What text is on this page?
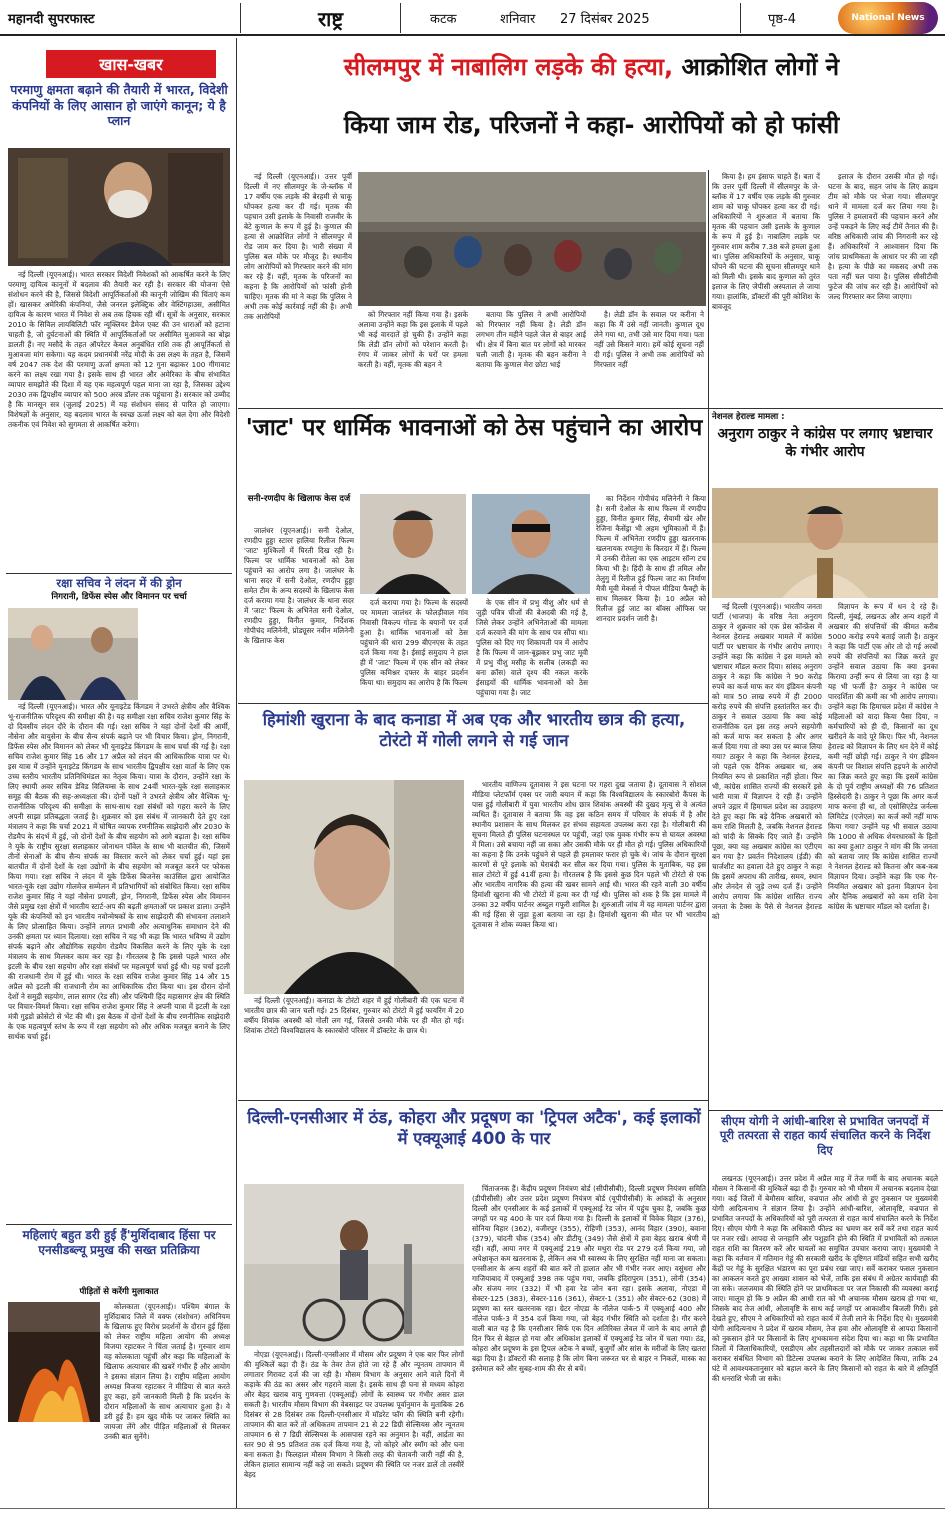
महानदी सुपरफास्ट	राष्ट्र	कटक	शनिवार 27 दिसंबर 2025	पृष्ठ-4	National News
खास-खबर
परमाणु क्षमता बढ़ाने की तैयारी में भारत, विदेशी कंपनियों के लिए आसान हो जाएंगे कानून; ये है प्लान

नई दिल्ली (यूएनआई)। भारत सरकार विदेशी निवेशकों को आकर्षित करने के लिए परमाणु दायित्व कानूनों में बदलाव की तैयारी कर रही है। सरकार की योजना ऐसे संशोधन करने की है, जिससे विदेशी आपूर्तिकर्ताओं की कानूनी जोखिम की चिंताएं कम हों। खासकर अमेरिकी कंपनियां, जैसे जनरल इलेक्ट्रिक और वेस्टिंगहाउस, असीमित दायित्व के कारण भारत में निवेश से अब तक हिचक रही थीं। सूत्रों के अनुसार, सरकार 2010 के सिविल लायबिलिटी फॉर न्यूक्लियर डैमेज एक्ट की उन धाराओं को हटाना चाहती है, जो दुर्घटनाओं की स्थिति में आपूर्तिकर्ताओं पर असीमित मुआवजे का बोझ डालती हैं। नए मसौदे के तहत ऑपरेटर केवल अनुबंधित राशि तक ही आपूर्तिकर्ता से मुआवजा मांग सकेगा। यह कदम प्रधानमंत्री नरेंद्र मोदी के उस लक्ष्य के तहत है, जिसमें वर्ष 2047 तक देश की परमाणु ऊर्जा क्षमता को 12 गुना बढ़ाकर 100 गीगावाट करने का लक्ष्य रखा गया है। इसके साथ ही भारत और अमेरिका के बीच संभावित व्यापार समझौते की दिशा में यह एक महत्वपूर्ण पहल माना जा रहा है, जिसका उद्देश्य 2030 तक द्विपक्षीय व्यापार को 500 अरब डॉलर तक पहुंचाना है। सरकार को उम्मीद है कि मानसून सत्र (जुलाई 2025) में यह संशोधन संसद से पारित हो जाएगा। विशेषज्ञों के अनुसार, यह बदलाव भारत के स्वच्छ ऊर्जा लक्ष्य को बल देगा और विदेशी तकनीक एवं निवेश को सुगमता से आकर्षित करेगा।

रक्षा सचिव ने लंदन में की ड्रोन
निगरानी, डिफेंस स्पेस और विमानन पर चर्चा

नई दिल्ली (यूएनआई)। भारत और यूनाइटेड किंगडम ने उभरते क्षेत्रीय और वैश्विक भू-राजनीतिक परिदृश्य की समीक्षा की है। यह समीक्षा रक्षा सचिव राजेश कुमार सिंह के दो दिवसीय लंदन दौरे के दौरान की गई। रक्षा सचिव ने यहां दोनों देशों की आर्मी, नौसेना और वायुसेना के बीच सैन्य संपर्क बढ़ाने पर भी विचार किया। ड्रोन, निगरानी, डिफेंस स्पेस और विमानन को लेकर भी यूनाइटेड किंगडम के साथ चर्चा की गई है। रक्षा सचिव राजेश कुमार सिंह 16 और 17 अप्रैल को लंदन की आधिकारिक यात्रा पर थे। इस यात्रा में उन्होंने यूनाइटेड किंगडम के साथ भारतीय द्विपक्षीय रक्षा वार्ता के लिए एक उच्च स्तरीय भारतीय प्रतिनिधिमंडल का नेतृत्व किया। यात्रा के दौरान, उन्होंने रक्षा के लिए स्थायी अवर सचिव डेविड विलियम्स के साथ 24वीं भारत-यूके रक्षा सलाहकार समूह की बैठक की सह-अध्यक्षता की। दोनों पक्षों ने उभरते क्षेत्रीय और वैश्विक भू-राजनीतिक परिदृश्य की समीक्षा के साथ-साथ रक्षा संबंधों को गहरा करने के लिए अपनी साझा प्रतिबद्धता जताई है। शुक्रवार को इस संबंध में जानकारी देते हुए रक्षा मंत्रालय ने कहा कि चर्चा 2021 में घोषित व्यापक रणनीतिक साझेदारी और 2030 के रोडमैप के संदर्भ में हुई, जो दोनों देशों के बीच सहयोग को आगे बढ़ाता है। रक्षा सचिव ने यूके के राष्ट्रीय सुरक्षा सलाहकार जोनाथन पॉवेल के साथ भी बातचीत की, जिसमें तीनों सेनाओं के बीच सैन्य संपर्क का विस्तार करने को लेकर चर्चा हुई। यहां इस बातचीत में दोनों देशों के रक्षा उद्योगों के बीच सहयोग को मजबूत करने पर फोकस किया गया। रक्षा सचिव ने लंदन में यूके डिफेंस बिजनेस काउंसिल द्वारा आयोजित भारत-यूके रक्षा उद्योग गोलमेज सम्मेलन में प्रतिभागियों को संबोधित किया। रक्षा सचिव राजेश कुमार सिंह ने यहां नौसेना प्रणाली, ड्रोन, निगरानी, डिफेंस स्पेस और विमानन जैसे प्रमुख रक्षा क्षेत्रों में भारतीय स्टार्ट-अप की बढ़ती क्षमताओं पर प्रकाश डाला। उन्होंने यूके की कंपनियों को इन भारतीय नवोन्मेषकों के साथ साझेदारी की संभावना तलाशने के लिए प्रोत्साहित किया। उन्होंने लागत प्रभावी और अत्याधुनिक समाधान देने की उनकी क्षमता पर ध्यान दिलाया। रक्षा सचिव ने यह भी कहा कि भारत भविष्य में उद्योग संपर्क बढ़ाने और औद्योगिक सहयोग रोडमैप विकसित करने के लिए यूके के रक्षा मंत्रालय के साथ मिलकर काम कर रहा है। गौरतलब है कि इससे पहले भारत और इटली के बीच रक्षा सहयोग और रक्षा संबंधों पर महत्वपूर्ण चर्चा हुई थी। यह चर्चा इटली की राजधानी रोम में हुई थी। भारत के रक्षा सचिव राजेश कुमार सिंह 14 और 15 अप्रैल को इटली की राजधानी रोम का आधिकारिक दौरा किया था। इस दौरान दोनों देशों ने समुद्री सहयोग, लाल सागर (रेड सी) और पश्चिमी हिंद महासागर क्षेत्र की स्थिति पर विचार-विमर्श किया। रक्षा सचिव राजेश कुमार सिंह ने अपनी यात्रा में इटली के रक्षा मंत्री गुइडो क्रोसेटो से भेंट की थी। इस बैठक में दोनों देशों के बीच रणनीतिक साझेदारी के एक महत्वपूर्ण स्तंभ के रूप में रक्षा सहयोग को और अधिक मजबूत बनाने के लिए सार्थक चर्चा हुई।

महिलाएं बहुत डरी हुई हैं'मुर्शिदाबाद हिंसा पर एनसीडब्ल्यू प्रमुख की सख्त प्रतिक्रिया
पीड़ितों से करेंगी मुलाकात

कोलकाता (यूएनआई)। पश्चिम बंगाल के मुर्शिदाबाद जिले में वक्फ (संशोधन) अधिनियम के खिलाफ हुए विरोध प्रदर्शनों के दौरान हुई हिंसा को लेकर राष्ट्रीय महिला आयोग की अध्यक्ष विजया रहाटकर ने चिंता जताई है। गुरुवार शाम वह कोलकाता पहुंचीं और कहा कि महिलाओं के खिलाफ अत्याचार की खबरें गंभीर हैं और आयोग ने इसका संज्ञान लिया है। राष्ट्रीय महिला आयोग अध्यक्ष विजया रहाटकर ने मीडिया से बात करते हुए कहा, हमें जानकारी मिली है कि प्रदर्शन के दौरान महिलाओं के साथ अत्याचार हुआ है। वे डरी हुई हैं। हम खुद मौके पर जाकर स्थिति का जायजा लेंगे और पीड़ित महिलाओं से मिलकर उनकी बात सुनेंगे।

सीलमपुर में नाबालिग लड़के की हत्या, आक्रोशित लोगों ने
किया जाम रोड, परिजनों ने कहा- आरोपियों को हो फांसी

नई दिल्ली (यूएनआई)। उत्तर पूर्वी दिल्ली में नए सीलमपुर के जे-ब्लॉक में 17 वर्षीय एक लड़के की बेरहमी से चाकू घोंपकर हत्या कर दी गई। मृतक की पहचान उसी इलाके के निवासी राजवीर के बेटे कुणाल के रूप में हुई है। कुणाल की हत्या से आक्रोशित लोगों ने सीलमपुर में रोड जाम कर दिया है। भारी संख्या में पुलिस बल मौके पर मौजूद है। स्थानीय लोग आरोपियों को गिरफ्तार करने की मांग कर रहे हैं। वहीं, मृतक के परिजनों का कहना है कि आरोपियों को फांसी होनी चाहिए। मृतक की मां ने कहा कि पुलिस ने अभी तक कोई कार्रवाई नहीं की है। अभी तक आरोपियों	को गिरफ्तार नहीं किया गया है। इसके अलावा उन्होंने कहा कि इस इलाके में पहले भी कई वारदातें हो चुकी हैं। उन्होंने कहा कि लेडी डॉन लोगों को परेशान करती है। रंगप में जाकर लोगों के घरों पर हमला करती है। वहीं, मृतक की बहन ने

बताया कि पुलिस ने अभी आरोपियों को गिरफ्तार नहीं किया है। लेडी डॉन लगभग तीन महीने पहले जेल से बाहर आई थी। क्षेत्र में बिना बात पर लोगों को मारकर चली जाती है। मृतक की बहन करीना ने बताया कि कुणाल मेरा छोटा भाई

है। लेडी डॉन के सवाल पर करीना ने कहा कि मैं उसे नहीं जानती। कुणाल दूध लेने गया था, तभी उसे मार दिया गया। पता नहीं उसे किसने मारा। हमें कोई सूचना नहीं दी गई। पुलिस ने अभी तक आरोपियों को गिरफ्तार नहीं

किया है। हम इंसाफ चाहते हैं। बता दें कि उत्तर पूर्वी दिल्ली में सीलमपुर के जे-ब्लॉक में 17 वर्षीय एक लड़के की गुरुवार शाम को चाकू घोंपकर हत्या कर दी गई। अधिकारियों ने शुरुआत में बताया कि मृतक की पहचान उसी इलाके के कुणाल के रूप में हुई है। नाबालिग लड़के पर गुरुवार शाम करीब 7.38 बजे हमला हुआ था। पुलिस अधिकारियों के अनुसार, चाकू घोंपने की घटना की सूचना सीलमपुर थाने को मिली थी। इसके बाद कुणाल को तुरंत इलाज के लिए जेपीसी अस्पताल ले जाया गया। हालांकि, डॉक्टरों की पूरी कोशिश के बावजूद

इलाज के दौरान उसकी मौत हो गई। घटना के बाद, सहन जांच के लिए क्राइम टीम को मौके पर भेजा गया। सीलमपुर थाने में मामला दर्ज कर लिया गया है। पुलिस ने हमलावरों की पहचान करने और उन्हें पकड़ने के लिए कई टीमें तैनात की हैं। वरिष्ठ अधिकारी जांच की निगरानी कर रहे हैं। अधिकारियों ने आश्वासन दिया कि जांच प्राथमिकता के आधार पर की जा रही है। हत्या के पीछे का मकसद अभी तक पता नहीं चल पाया है। पुलिस सीसीटीवी फुटेज की जांच कर रही है। आरोपियों को जल्द गिरफ्तार कर लिया जाएगा।

'जाट' पर धार्मिक भावनाओं को ठेस पहुंचाने का आरोप
सनी-रणदीप के खिलाफ केस दर्ज

जालंधर (यूएनआई)। सनी देओल, रणदीप हुड्डा स्टारर हालिया रिलीज फिल्म 'जाट' मुश्किलों में घिरती दिख रही है। फिल्म पर धार्मिक भावनाओं को ठेस पहुंचाने का आरोप लगा है। जालंधर के थाना सदर में सनी देओल, रणदीप हुड्डा समेत टीम के अन्य सदस्यों के खिलाफ केस दर्ज कराया गया है। जालंधर के थाना सदर में 'जाट' फिल्म के अभिनेता सनी देओल, रणदीप हुड्डा, विनीत कुमार, निर्देशक गोपीचंद मलिनेनी, प्रोड्यूसर नवीन मलिनेनी के खिलाफ केस

दर्ज कराया गया है। फिल्म के सदस्यों पर मामला जालंधर के फोलड़ीवाल गांव निवासी विकल्प गोल्ड के बयानों पर दर्ज हुआ है। धार्मिक भावनाओं को ठेस पहुंचाने की धारा 299 बीएनएस के तहत दर्ज किया गया है। ईसाई समुदाय ने हाल ही में 'जाट' फिल्म में एक सीन को लेकर पुलिस कमिश्नर दफ्तर के बाहर प्रदर्शन किया था। समुदाय का आरोप है कि फिल्म

के एक सीन में प्रभु यीशु और धर्म से जुड़ी पवित्र चीजों की बेअदबी की गई है, जिसे लेकर उन्होंने अभिनेताओं की मामला दर्ज करवाने की मांग के साथ पत्र सौंपा था। पुलिस को दिए गए शिकायती पत्र में आरोप है कि फिल्म में जान-बूझकर प्रभु जाट मूवी में प्रभु यीशु मसीह के सलीब (लकड़ी का बना क्रॉस) वाले दृश्य की नकल करके ईसाइयों की धार्मिक भावनाओं को ठेस पहुंचाया गया है। जाट

का निर्देशन गोपीचंद मलिनेनी ने किया है। सनी देओल के साथ फिल्म में रणदीप हुड्डा, विनीत कुमार सिंह, सैयामी खेर और रेजिना कैसेंड्रा भी अहम भूमिकाओं में हैं। फिल्म में अभिनेता रणदीप हुड्डा खतरनाक खलनायक रणतुंगा के किरदार में हैं। फिल्म में उनकी रौतेला का एक आइटम सॉन्ग टच किया भी है। हिंदी के साथ ही तमिल और तेलुगु में रिलीज हुई फिल्म जाट का निर्माण मैत्री मूवी मेकर्स ने पीपल मीडिया फैक्ट्री के साथ मिलकर किया है। 10 अप्रैल को रिलीज हुई जाट का बॉक्स ऑफिस पर शानदार प्रदर्शन जारी है।

नेशनल हेराल्ड मामला :
अनुराग ठाकुर ने कांग्रेस पर लगाए भ्रष्टाचार के गंभीर आरोप

नई दिल्ली (यूएनआई)। भारतीय जनता पार्टी (भाजपा) के वरिष्ठ नेता अनुराग ठाकुर ने शुक्रवार को एक प्रेस कॉन्फ्रेंस में नेशनल हेराल्ड अखबार मामले में कांग्रेस पार्टी पर भ्रष्टाचार के गंभीर आरोप लगाए। उन्होंने कहा कि कांग्रेस ने इस मामले को भ्रष्टाचार मॉडल करार दिया। सांसद अनुराग ठाकुर ने कहा कि कांग्रेस ने 90 करोड़ रुपये का कर्ज माफ कर यंग इंडियन कंपनी को मात्र 50 लाख रुपये में ही 2000 करोड़ रुपये की संपत्ति हस्तांतरित कर दी। ठाकुर ने सवाल उठाया कि क्या कोई राजनीतिक दल इस तरह अपने सहयोगी को कर्ज माफ कर सकता है और अगर कर्ज दिया गया तो क्या उस पर ब्याज लिया गया? ठाकुर ने कहा कि नेशनल हेराल्ड, जो पहले एक दैनिक अखबार था, अब नियमित रूप से प्रकाशित नहीं होता। फिर भी, कांग्रेस शासित राज्यों की सरकारें इसे भारी मात्रा में विज्ञापन दे रही हैं। उन्होंने अपने उद्गार में हिमाचल प्रदेश का उदाहरण देते हुए कहा कि बड़े दैनिक अखबारों को कम राशि मिलती है, जबकि नेशनल हेराल्ड को चांदी के सिक्के दिए जाते हैं। उन्होंने पूछा, क्या यह अखबार कांग्रेस का एटीएम बन गया है? प्रवर्तन निदेशालय (ईडी) की चार्जशीट का हवाला देते हुए ठाकुर ने कहा कि इसमें अपराध की तारीख, समय, स्थान और लेनदेन से जुड़े तथ्य दर्ज हैं। उन्होंने आरोप लगाया कि कांग्रेस शासित राज्य जनता के टैक्स के पैसे से नेशनल हेराल्ड को

विज्ञापन के रूप में धन दे रहे हैं। दिल्ली, मुंबई, लखनऊ और अन्य शहरों में अखबार की संपत्तियों की कीमत करीब 5000 करोड़ रुपये बताई जाती है। ठाकुर ने कहा कि पार्टी एक ओर तो दो गई अरबों रुपये की संपत्तियों का जिक्र करते हुए उन्होंने सवाल उठाया कि क्या इनका किराया उन्हीं रूप से लिया जा रहा है या यह भी फर्जी है? ठाकुर ने कांग्रेस पर पारदर्शिता की कमी का भी आरोप लगाया। उन्होंने कहा कि हिमाचल प्रदेश में कांग्रेस ने महिलाओं को वादा किया पैसा दिया, न कर्मचारियों को ही दी, किसानों का दूध खरीदने के वादे पूरे किए। फिर भी, नेशनल हेराल्ड को विज्ञापन के लिए धन देने में कोई कमी नहीं छोड़ी गई। ठाकुर ने यंग इंडियन कंपनी पर विशाल संपत्ति हड़पने के आरोपों का जिक्र करते हुए कहा कि इसमें कांग्रेस के दो पूर्व राष्ट्रीय अध्यक्षों की 76 प्रतिशत हिस्सेदारी है। ठाकुर ने पूछा कि अगर कर्ज माफ करना ही था, तो एसोसिएटेड जर्नल्स लिमिटेड (एजेएल) का कर्ज क्यों नहीं माफ किया गया? उन्होंने यह भी सवाल उठाया कि 1000 से अधिक शेयरधारकों के हितों का क्या हुआ? ठाकुर ने मांग की कि जनता को बताया जाए कि कांग्रेस शासित राज्यों ने नेशनल हेराल्ड को कितना और कब-कब विज्ञापन दिया। उन्होंने कहा कि एक गैर-नियमित अखबार को इतना विज्ञापन देना और दैनिक अखबारों को कम राशि देना कांग्रेस के भ्रष्टाचार मॉडल को दर्शाता है।

हिमांशी खुराना के बाद कनाडा में अब एक और भारतीय छात्र की हत्या, टोरंटो में गोली लगने से गई जान

नई दिल्ली (यूएनआई)। कनाडा के टोरंटो शहर में हुई गोलीबारी की एक घटना में भारतीय छात्र की जान चली गई। 25 दिसंबर, गुरुवार को टोरंटो में हुई फायरिंग में 20 वर्षीय शिवांक अवस्थी को गोली लग गई, जिससे उनकी मौके पर ही मौत हो गई। शिवांक टोरंटो विश्वविद्यालय के स्कारबोरो परिसर में डॉक्टरेट के छात्र थे।

भारतीय वाणिज्य दूतावास ने इस घटना पर गहरा दुख जताया है। दूतावास ने सोशल मीडिया प्लेटफॉर्म एक्स पर जारी बयान में कहा कि विश्वविद्यालय के स्कारबोरो कैंपस के पास हुई गोलीबारी में युवा भारतीय शोध छात्र शिवांक अवस्थी की दुखद मृत्यु से वे अत्यंत व्यथित हैं। दूतावास ने बताया कि वह इस कठिन समय में परिवार के संपर्क में है और स्थानीय प्रशासन के साथ मिलकर हर संभव सहायता उपलब्ध करा रहा है। गोलीबारी की सूचना मिलते ही पुलिस घटनास्थल पर पहुंची, जहां एक युवक गंभीर रूप से घायल अवस्था में मिला। उसे बचाया नहीं जा सका और उसकी मौके पर ही मौत हो गई। पुलिस अधिकारियों का कहना है कि उनके पहुंचने से पहले ही हमलावर फरार हो चुके थे। जांच के दौरान सुरक्षा कारणों से पूरे इलाके को घेराबंदी कर सील कर दिया गया। पुलिस के मुताबिक, यह इस साल टोरंटो में हुई 41वीं हत्या है। गौरतलब है कि इससे कुछ दिन पहले भी टोरंटो से एक और भारतीय नागरिक की हत्या की खबर सामने आई थी। भारत की रहने वाली 30 वर्षीय हिमांशी खुराना की भी टोरंटो में हत्या कर दी गई थी। पुलिस को शक है कि इस मामले में उनका 32 वर्षीय पार्टनर अब्दुल गफूरी शामिल है। शुरुआती जांच में यह मामला पार्टनर द्वारा की गई हिंसा से जुड़ा हुआ बताया जा रहा है। हिमांशी खुराना की मौत पर भी भारतीय दूतावास ने शोक व्यक्त किया था।

दिल्ली-एनसीआर में ठंड, कोहरा और प्रदूषण का 'ट्रिपल अटैक', कई इलाकों में एक्यूआई 400 के पार

नोएडा (यूएनआई)। दिल्ली-एनसीआर में मौसम और प्रदूषण ने एक बार फिर लोगों की मुश्किलें बढ़ा दी हैं। ठंड के तेवर तेज होते जा रहे हैं और न्यूनतम तापमान में लगातार गिरावट दर्ज की जा रही है। मौसम विभाग के अनुसार आने वाले दिनों में कड़ाके की ठंड का असर और गहराने वाला है। इसके साथ ही घना से मध्यम कोहरा और बेहद खराब वायु गुणवत्ता (एक्यूआई) लोगों के स्वास्थ्य पर गंभीर असर डाल सकती है। भारतीय मौसम विभाग की वेबसाइट पर उपलब्ध पूर्वानुमान के मुताबिक 26 दिसंबर से 28 दिसंबर तक दिल्ली-एनसीआर में मॉडरेट फॉग की स्थिति बनी रहेगी। तापमान की बात करें तो अधिकतम तापमान 21 से 22 डिग्री सेल्सियस और न्यूनतम तापमान 6 से 7 डिग्री सेल्सियस के आसपास रहने का अनुमान है। वहीं, आर्द्रता का स्तर 90 से 95 प्रतिशत तक दर्ज किया गया है, जो कोहरे और स्मॉग को और घना बना सकता है। फिलहाल मौसम विभाग ने किसी तरह की चेतावनी जारी नहीं की है, लेकिन हालात सामान्य नहीं कहे जा सकते। प्रदूषण की स्थिति पर नजर डालें तो तस्वीरें बेहद

चिंताजनक हैं। केंद्रीय प्रदूषण नियंत्रण बोर्ड (सीपीसीबी), दिल्ली प्रदूषण नियंत्रण समिति (डीपीसीसी) और उत्तर प्रदेश प्रदूषण नियंत्रण बोर्ड (यूपीपीसीबी) के आंकड़ों के अनुसार दिल्ली और एनसीआर के कई इलाकों में एक्यूआई रेड जोन में पहुंच चुका है, जबकि कुछ जगहों पर यह 400 के पार दर्ज किया गया है। दिल्ली के इलाकों में विवेक विहार (376), सोनिया विहार (362), वजीरपुर (355), रोहिणी (353), आनंद विहार (390), बवाना (379), चांदनी चौक (354) और डीटीयू (349) जैसे क्षेत्रों में हवा बेहद खराब श्रेणी में रही। वहीं, आया नगर में एक्यूआई 219 और मथुरा रोड पर 279 दर्ज किया गया, जो अपेक्षाकृत कम खतरनाक है, लेकिन अब भी स्वास्थ्य के लिए सुरक्षित नहीं माना जा सकता। एनसीआर के अन्य शहरों की बात करें तो हालात और भी गंभीर नजर आए। वसुंधरा और गाजियाबाद में एक्यूआई 398 तक पहुंच गया, जबकि इंदिरापुरम (351), लोनी (354) और संजय नगर (332) में भी हवा रेड जोन बना रहा। इसके अलावा, नोएडा में सेक्टर-125 (383), सेक्टर-116 (361), सेक्टर-1 (351) और सेक्टर-62 (308) में प्रदूषण का स्तर खतरनाक रहा। ग्रेटर नोएडा के नॉलेज पार्क-5 में एक्यूआई 400 और नॉलेज पार्क-3 में 354 दर्ज किया गया, जो बेहद गंभीर स्थिति को दर्शाता है। गौर करने वाली बात यह है कि एनसीआर सिर्फ एक दिन अतिरिक्त लेवल में जाने के बाद अगले ही दिन फिर से बेहाल हो गया और अधिकांश इलाकों में एक्यूआई रेड जोन में चला गया। ठंड, कोहरा और प्रदूषण के इस ट्रिपल अटैक ने बच्चों, बुजुर्गों और सांस के मरीजों के लिए खतरा बढ़ा दिया है। डॉक्टरों की सलाह है कि लोग बिना जरूरत घर से बाहर न निकलें, मास्क का इस्तेमाल करें और सुबह-शाम की सैर से बचें।

सीएम योगी ने आंधी-बारिश से प्रभावित जनपदों में पूरी तत्परता से राहत कार्य संचालित करने के निर्देश दिए

लखनऊ (यूएनआई)। उत्तर प्रदेश में अप्रैल माह में तेज गर्मी के बाद अचानक बदले मौसम ने किसानों की मुश्किलें बढ़ा दी हैं। गुरुवार को भी मौसम में अचानक बदलाव देखा गया। कई जिलों में बेमौसम बारिश, वज्रपात और आंधी से हुए नुकसान पर मुख्यमंत्री योगी आदित्यनाथ ने संज्ञान लिया है। उन्होंने आंधी-बारिश, ओलावृष्टि, वज्रपात से प्रभावित जनपदों के अधिकारियों को पूरी तत्परता से राहत कार्य संचालित करने के निर्देश दिए। सीएम योगी ने कहा कि अधिकारी फील्ड का भ्रमण कर सर्वे करें तथा राहत कार्य पर नजर रखें। आपदा से जनहानि और पशुहानि होने की स्थिति में प्रभावितों को तत्काल राहत राशि का वितरण करें और घायलों का समुचित उपचार कराया जाए। मुख्यमंत्री ने कहा कि वर्तमान में गतिमान गेहूं की सरकारी खरीद के दृष्टिगत मंडियों सहित सभी खरीद केंद्रों पर गेहूं के सुरक्षित भंडारण का पूरा प्रबंध रखा जाए। सर्वे कराकर फसल नुकसान का आकलन करते हुए आख्या शासन को भेजें, ताकि इस संबंध में अग्रेतर कार्यवाही की जा सके। जलजमाव की स्थिति होने पर प्राथमिकता पर जल निकासी की व्यवस्था कराई जाए। मालूम हो कि 9 अप्रैल की आधी रात को भी अचानक मौसम खराब हो गया था, जिसके बाद तेज आंधी, ओलावृष्टि के साथ कई जगहों पर आकाशीय बिजली गिरी। इसे देखते हुए, सीएम ने अधिकारियों को राहत कार्य में तेजी लाने के निर्देश दिए थे। मुख्यमंत्री योगी आदित्यनाथ ने प्रदेश में खराब मौसम, तेज हवा और ओलावृष्टि से आपदा किसानों को नुकसान होने पर किसानों के लिए शुभकामना संदेश दिया था। कहा था कि प्रभावित जिलों में जिलाधिकारियों, एसडीएम और तहसीलदारों को मौके पर जाकर तत्काल सर्वे कराकर संबंधित विभाग को डिटेल्स उपलब्ध कराने के लिए आदेशित किया, ताकि 24 घंटे में आवश्यकतानुसार को बहाल करने के लिए किसानों को राहत के बारे में क्षतिपूर्ति की धनराशि भेजी जा सके।
